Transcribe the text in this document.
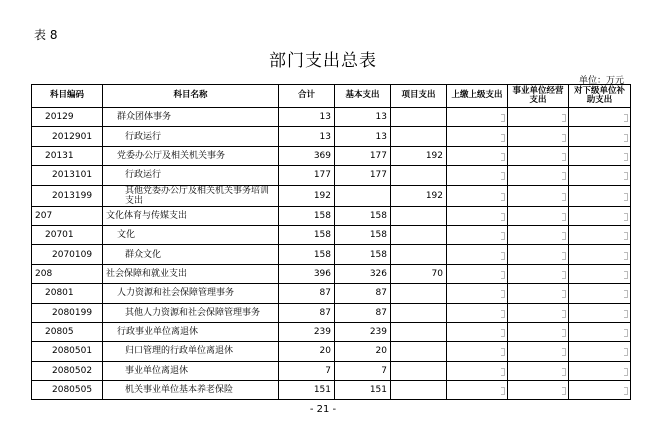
表 8
部门支出总表
单位：万元
科目编码	科目名称	合计	基本支出	项目支出	上缴上级支出	事业单位经营支出	对下级单位补助支出
20129	群众团体事务	13	13				
2012901	行政运行	13	13				
20131	党委办公厅及相关机关事务	369	177	192			
2013101	行政运行	177	177				
2013199	其他党委办公厅及相关机关事务培训支出	192		192			
207	文化体育与传媒支出	158	158				
20701	文化	158	158				
2070109	群众文化	158	158				
208	社会保障和就业支出	396	326	70			
20801	人力资源和社会保障管理事务	87	87				
2080199	其他人力资源和社会保障管理事务	87	87				
20805	行政事业单位离退休	239	239				
2080501	归口管理的行政单位离退休	20	20				
2080502	事业单位离退休	7	7				
2080505	机关事业单位基本养老保险	151	151				
- 21 -
